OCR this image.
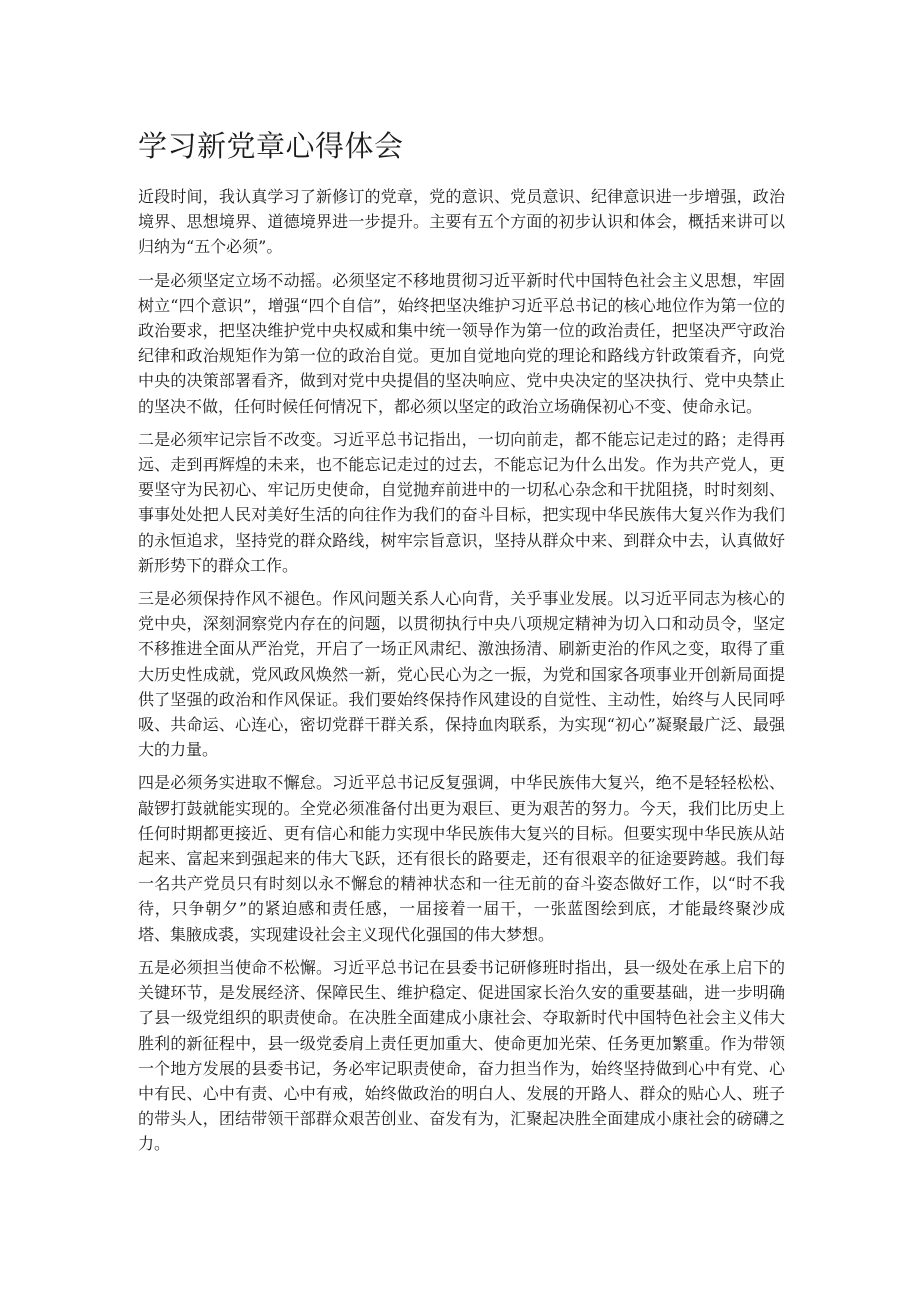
学习新党章心得体会

近段时间，我认真学习了新修订的党章，党的意识、党员意识、纪律意识进一步增强，政治境界、思想境界、道德境界进一步提升。主要有五个方面的初步认识和体会，概括来讲可以归纳为“五个必须”。

一是必须坚定立场不动摇。必须坚定不移地贯彻习近平新时代中国特色社会主义思想，牢固树立“四个意识”，增强“四个自信”，始终把坚决维护习近平总书记的核心地位作为第一位的政治要求，把坚决维护党中央权威和集中统一领导作为第一位的政治责任，把坚决严守政治纪律和政治规矩作为第一位的政治自觉。更加自觉地向党的理论和路线方针政策看齐，向党中央的决策部署看齐，做到对党中央提倡的坚决响应、党中央决定的坚决执行、党中央禁止的坚决不做，任何时候任何情况下，都必须以坚定的政治立场确保初心不变、使命永记。

二是必须牢记宗旨不改变。习近平总书记指出，一切向前走，都不能忘记走过的路；走得再远、走到再辉煌的未来，也不能忘记走过的过去，不能忘记为什么出发。作为共产党人，更要坚守为民初心、牢记历史使命，自觉抛弃前进中的一切私心杂念和干扰阻挠，时时刻刻、事事处处把人民对美好生活的向往作为我们的奋斗目标，把实现中华民族伟大复兴作为我们的永恒追求，坚持党的群众路线，树牢宗旨意识，坚持从群众中来、到群众中去，认真做好新形势下的群众工作。

三是必须保持作风不褪色。作风问题关系人心向背，关乎事业发展。以习近平同志为核心的党中央，深刻洞察党内存在的问题，以贯彻执行中央八项规定精神为切入口和动员令，坚定不移推进全面从严治党，开启了一场正风肃纪、激浊扬清、刷新吏治的作风之变，取得了重大历史性成就，党风政风焕然一新，党心民心为之一振，为党和国家各项事业开创新局面提供了坚强的政治和作风保证。我们要始终保持作风建设的自觉性、主动性，始终与人民同呼吸、共命运、心连心，密切党群干群关系，保持血肉联系，为实现“初心”凝聚最广泛、最强大的力量。

四是必须务实进取不懈怠。习近平总书记反复强调，中华民族伟大复兴，绝不是轻轻松松、敲锣打鼓就能实现的。全党必须准备付出更为艰巨、更为艰苦的努力。今天，我们比历史上任何时期都更接近、更有信心和能力实现中华民族伟大复兴的目标。但要实现中华民族从站起来、富起来到强起来的伟大飞跃，还有很长的路要走，还有很艰辛的征途要跨越。我们每一名共产党员只有时刻以永不懈怠的精神状态和一往无前的奋斗姿态做好工作，以“时不我待，只争朝夕”的紧迫感和责任感，一届接着一届干，一张蓝图绘到底，才能最终聚沙成塔、集腋成裘，实现建设社会主义现代化强国的伟大梦想。

五是必须担当使命不松懈。习近平总书记在县委书记研修班时指出，县一级处在承上启下的关键环节，是发展经济、保障民生、维护稳定、促进国家长治久安的重要基础，进一步明确了县一级党组织的职责使命。在决胜全面建成小康社会、夺取新时代中国特色社会主义伟大胜利的新征程中，县一级党委肩上责任更加重大、使命更加光荣、任务更加繁重。作为带领一个地方发展的县委书记，务必牢记职责使命，奋力担当作为，始终坚持做到心中有党、心中有民、心中有责、心中有戒，始终做政治的明白人、发展的开路人、群众的贴心人、班子的带头人，团结带领干部群众艰苦创业、奋发有为，汇聚起决胜全面建成小康社会的磅礴之力。
